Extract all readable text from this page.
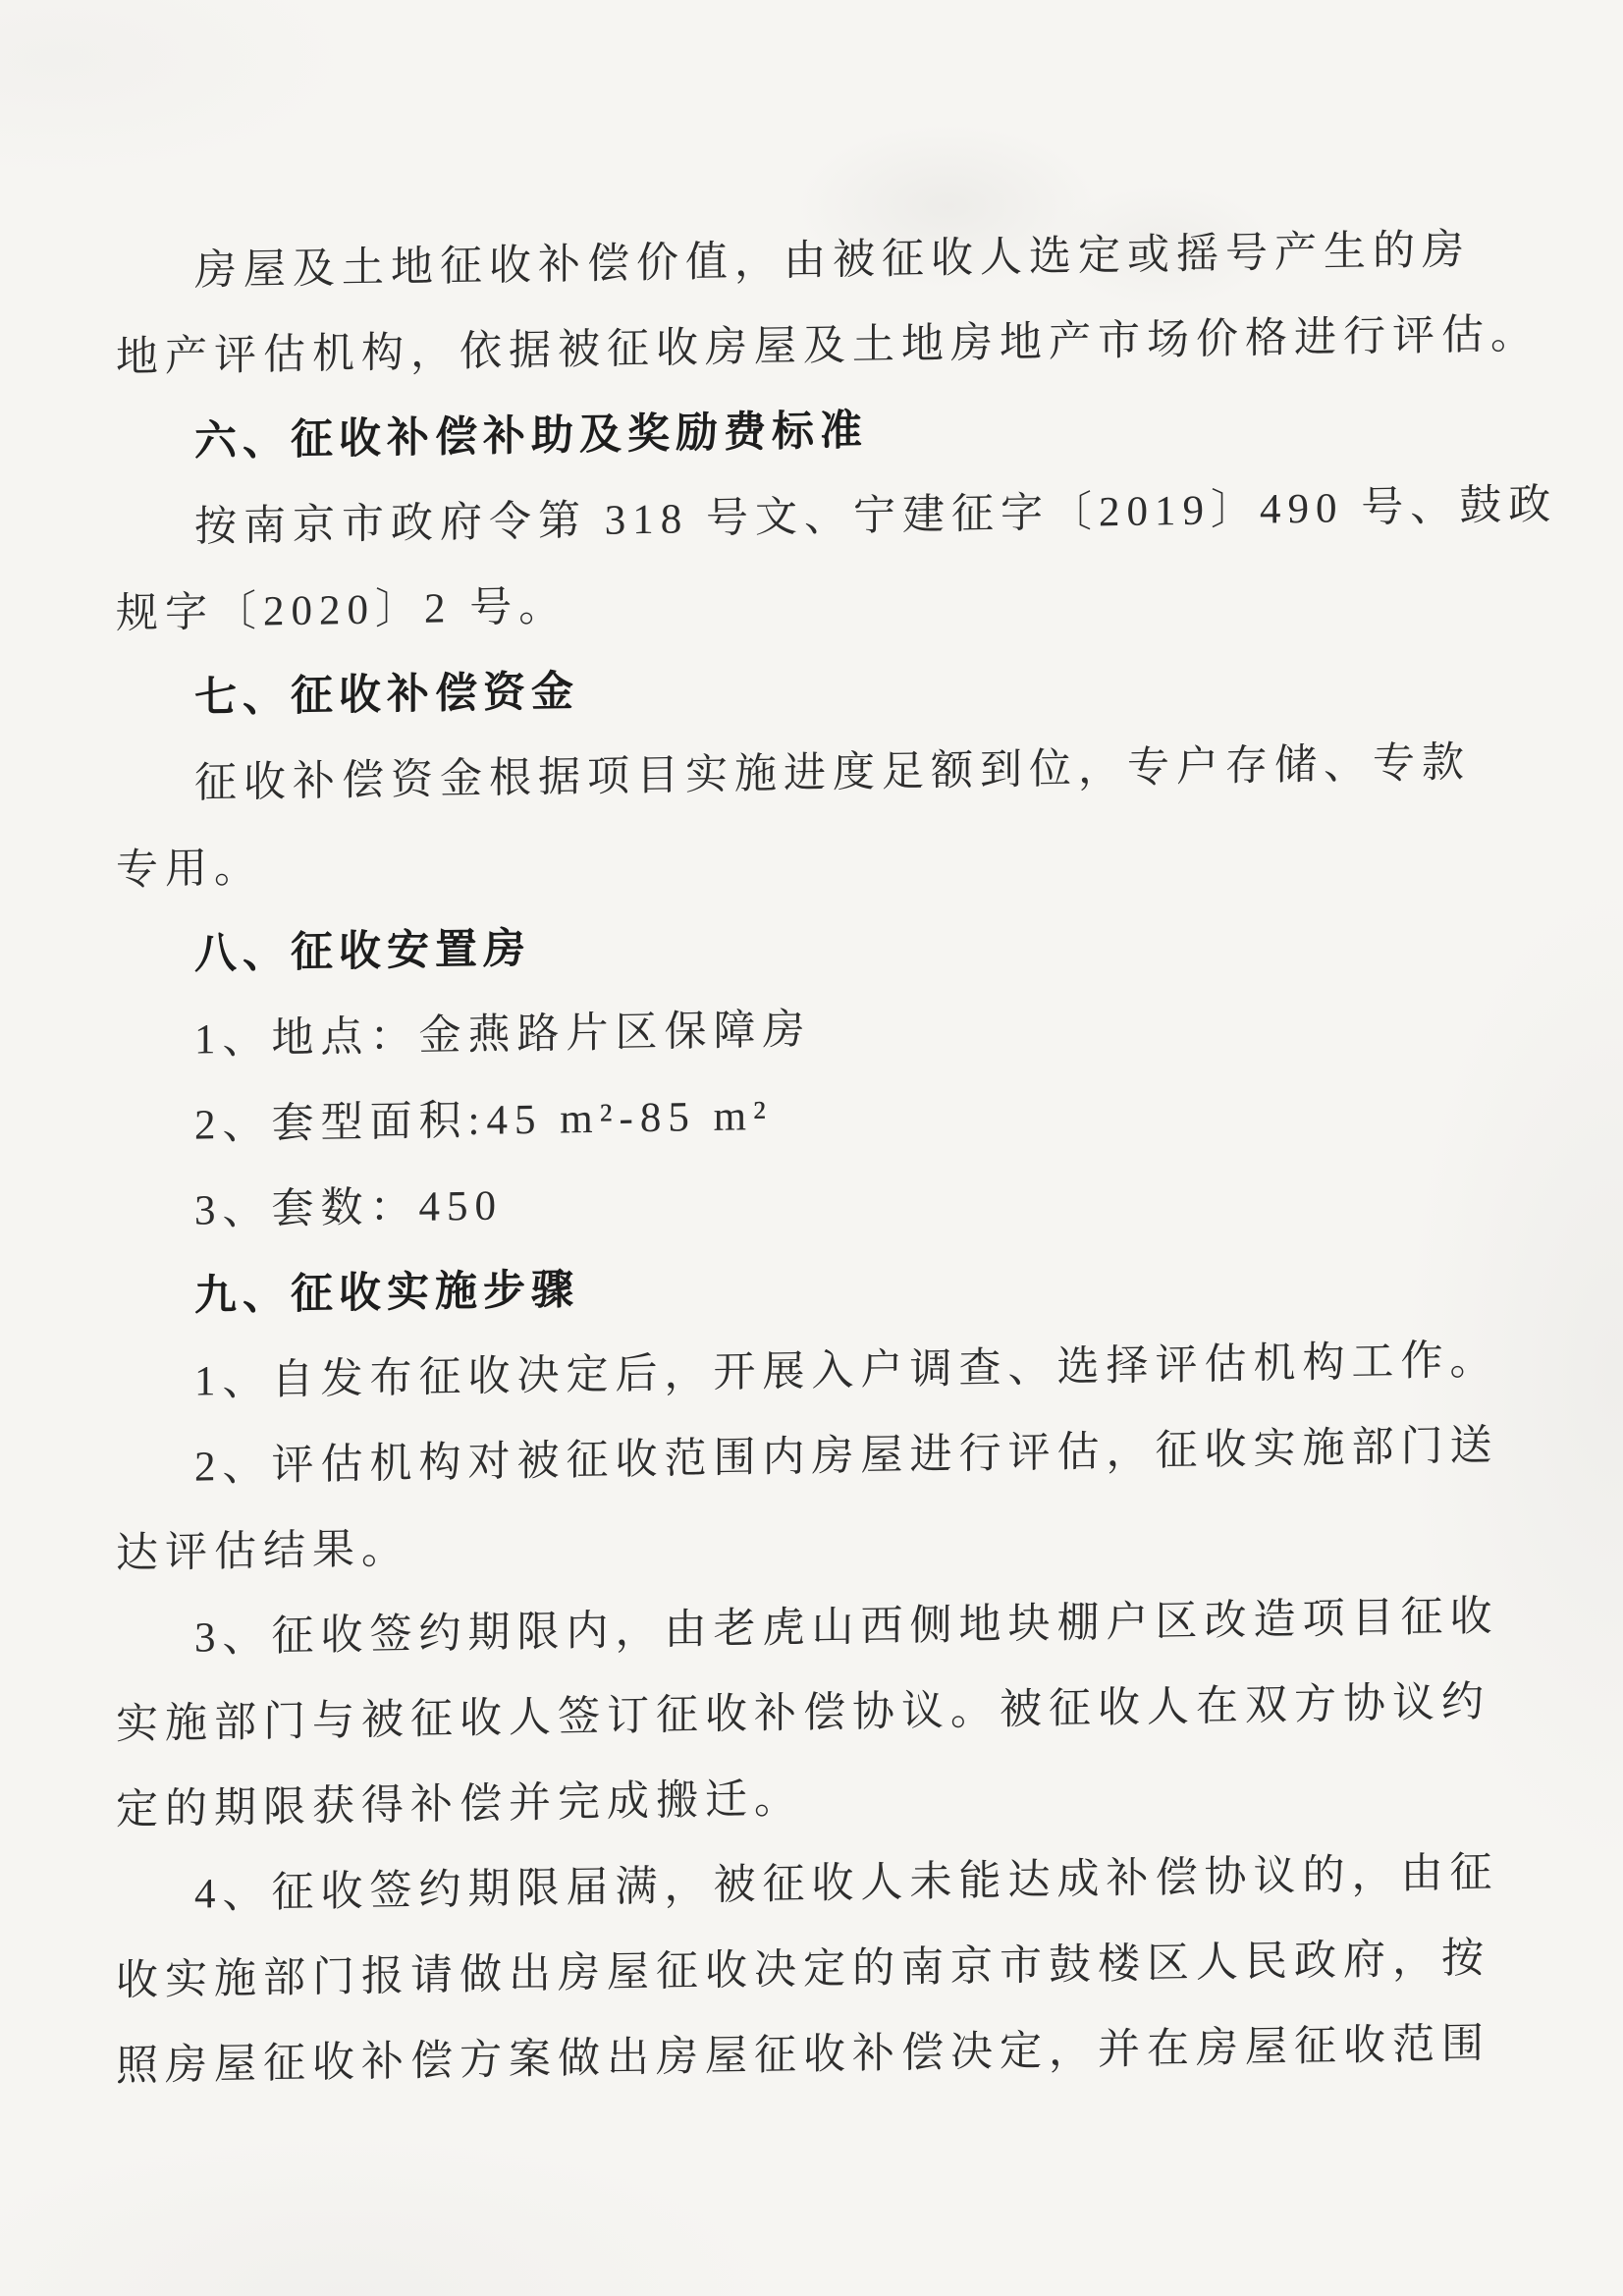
房屋及土地征收补偿价值，由被征收人选定或摇号产生的房
地产评估机构，依据被征收房屋及土地房地产市场价格进行评估。
六、征收补偿补助及奖励费标准
按南京市政府令第 318 号文、宁建征字〔2019〕490 号、鼓政
规字〔2020〕2 号。
七、征收补偿资金
征收补偿资金根据项目实施进度足额到位，专户存储、专款
专用。
八、征收安置房
1、地点：金燕路片区保障房
2、套型面积:45 m²-85 m²
3、套数：450
九、征收实施步骤
1、自发布征收决定后，开展入户调查、选择评估机构工作。
2、评估机构对被征收范围内房屋进行评估，征收实施部门送
达评估结果。
3、征收签约期限内，由老虎山西侧地块棚户区改造项目征收
实施部门与被征收人签订征收补偿协议。被征收人在双方协议约
定的期限获得补偿并完成搬迁。
4、征收签约期限届满，被征收人未能达成补偿协议的，由征
收实施部门报请做出房屋征收决定的南京市鼓楼区人民政府，按
照房屋征收补偿方案做出房屋征收补偿决定，并在房屋征收范围
